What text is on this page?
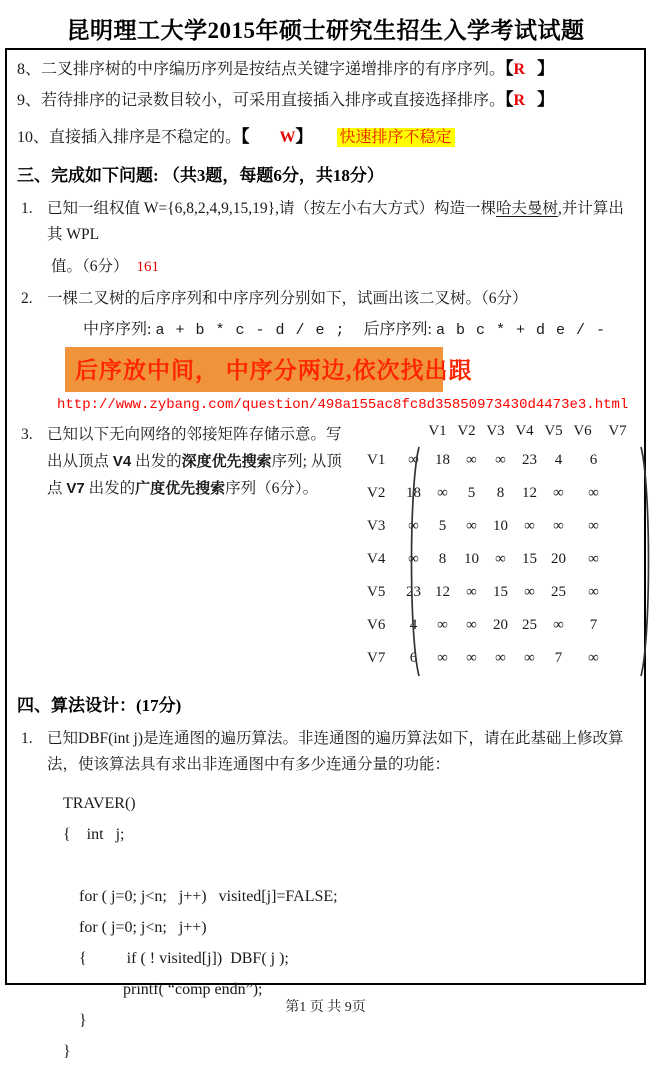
昆明理工大学2015年硕士研究生招生入学考试试题
8、二叉排序树的中序编历序列是按结点关键字递增排序的有序序列。【R 】
9、若待排序的记录数目较小，可采用直接插入排序或直接选择排序。【R 】
10、直接插入排序是不稳定的。【 W】 快速排序不稳定
三、完成如下问题: （共3题，每题6分，共18分）
1. 已知一组权值 W={6,8,2,4,9,15,19},请（按左小右大方式）构造一棵哈夫曼树,并计算出其 WPL
值。（6分） 161
2. 一棵二叉树的后序序列和中序序列分别如下，试画出该二叉树。（6分）
中序序列: a + b * c - d / e ; 后序序列: a b c * + d e / -
后序放中间， 中序分两边,依次找出跟
http://www.zybang.com/question/498a155ac8fc8d35850973430d4473e3.html
3. 已知以下无向网络的邻接矩阵存储示意。写出从顶点 V4 出发的深度优先搜索序列; 从顶点 V7 出发的广度优先搜索序列（6分）。
V1 V2 V3 V4 V5 V6	V7
V1	∞	18	∞	∞	23	4	6
V2	18	∞	5	8	12	∞	∞
V3	∞	5	∞	10	∞	∞	∞
V4	∞	8	10	∞	15 20	∞
V5	23 12	∞	15	∞	25	∞
V6	4	∞	∞	20 25	∞	7
V7	6	∞	∞	∞	∞	7	∞
四、算法设计：(17分)
1. 已知DBF(int j)是连通图的遍历算法。非连通图的遍历算法如下，请在此基础上修改算法，使该算法具有求出非连通图中有多少连通分量的功能：
TRAVER()
{    int   j;
for ( j=0; j<n;   j++)   visited[j]=FALSE;
for ( j=0; j<n;   j++)
{          if ( ! visited[j])  DBF( j );
printf( “comp endn”);
}
}
第1 页 共 9页
